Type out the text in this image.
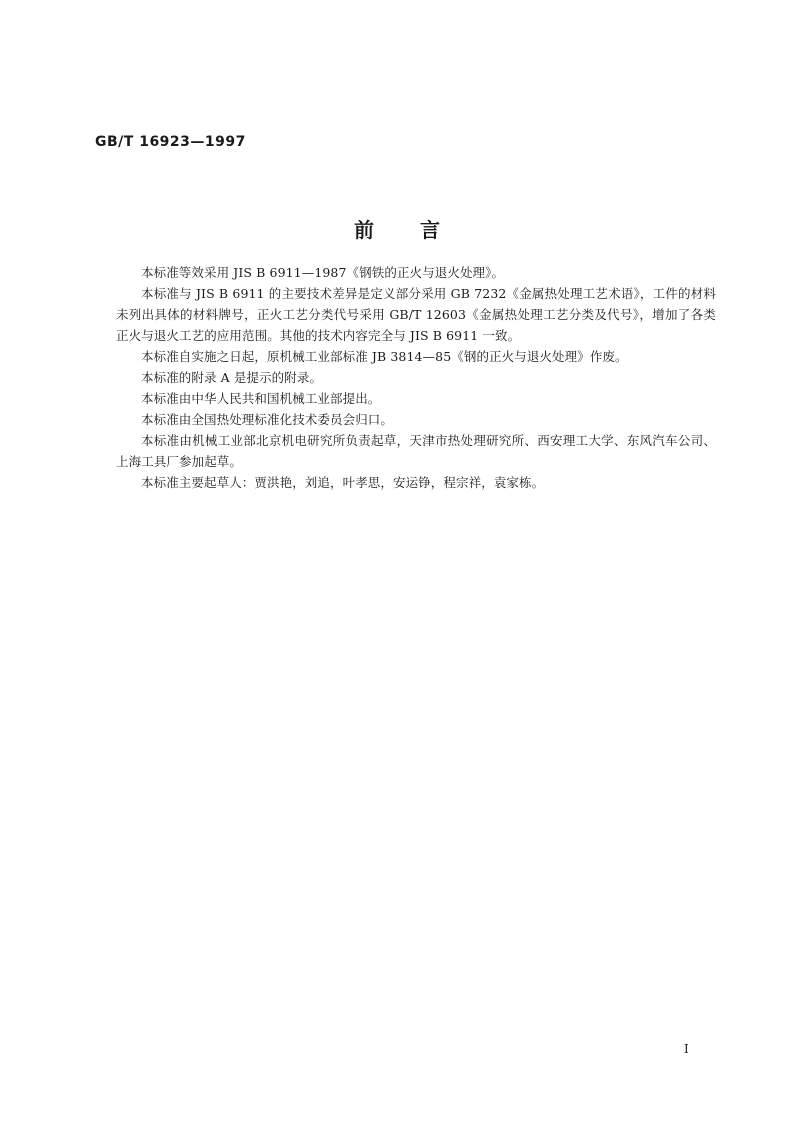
GB/T 16923—1997
前言

本标准等效采用 JIS B 6911—1987《钢铁的正火与退火处理》。

本标准与 JIS B 6911 的主要技术差异是定义部分采用 GB 7232《金属热处理工艺术语》，工件的材料未列出具体的材料牌号，正火工艺分类代号采用 GB/T 12603《金属热处理工艺分类及代号》，增加了各类正火与退火工艺的应用范围。其他的技术内容完全与 JIS B 6911 一致。

本标准自实施之日起，原机械工业部标准 JB 3814—85《钢的正火与退火处理》作废。

本标准的附录 A 是提示的附录。

本标准由中华人民共和国机械工业部提出。

本标准由全国热处理标准化技术委员会归口。

本标准由机械工业部北京机电研究所负责起草，天津市热处理研究所、西安理工大学、东风汽车公司、上海工具厂参加起草。

本标准主要起草人：贾洪艳，刘追，叶孝思，安运铮，程宗祥，袁家栋。

I
